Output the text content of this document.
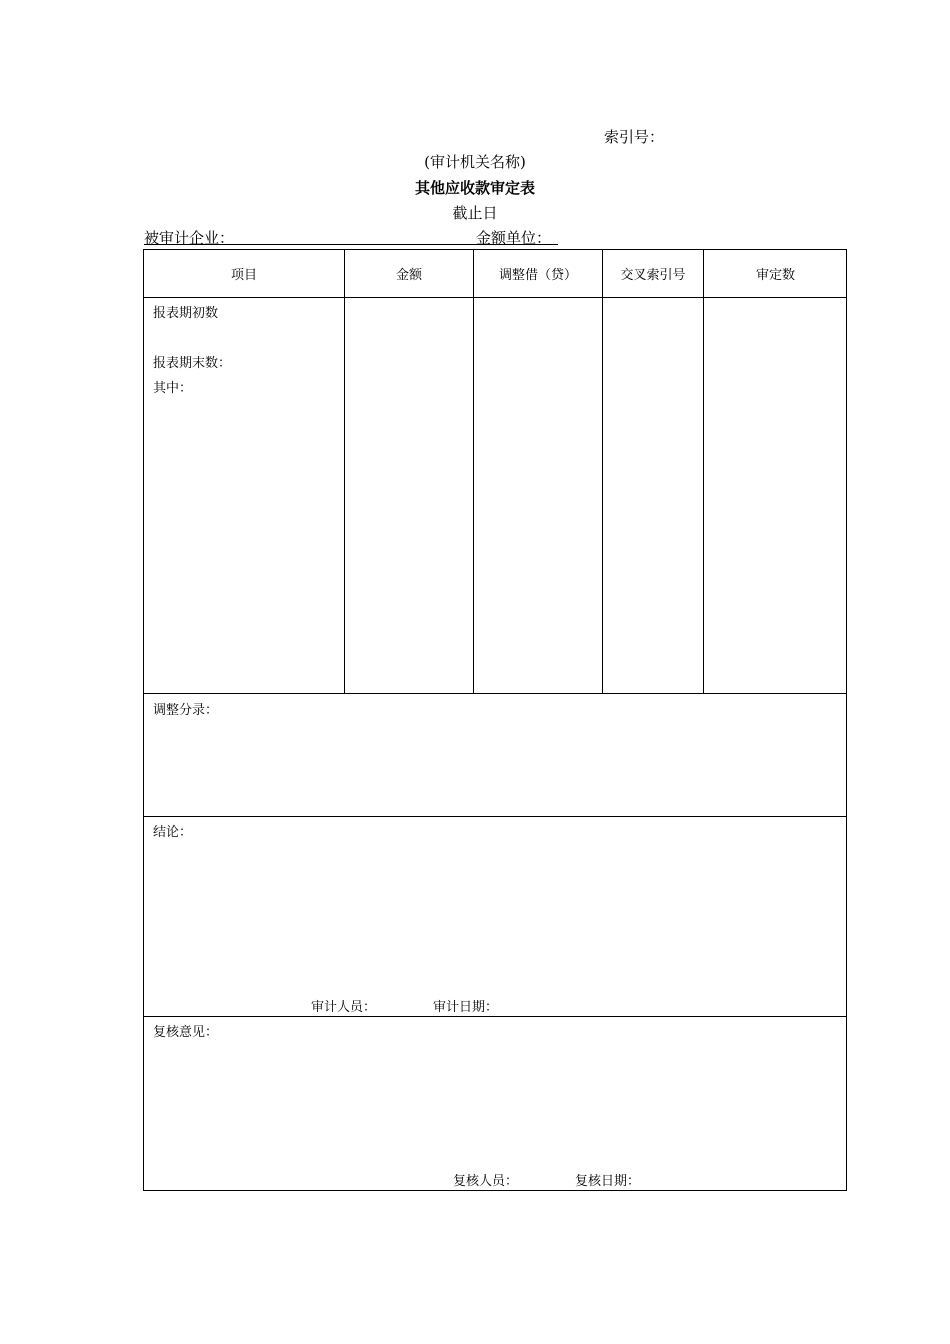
索引号：
(审计机关名称)
其他应收款审定表
截止日
被审计企业：	金额单位：
项目	金额	调整借（贷）	交叉索引号	审定数
报表期初数
报表期末数：
其中：
调整分录：
结论：
审计人员：	审计日期：
复核意见：
复核人员：	复核日期：
